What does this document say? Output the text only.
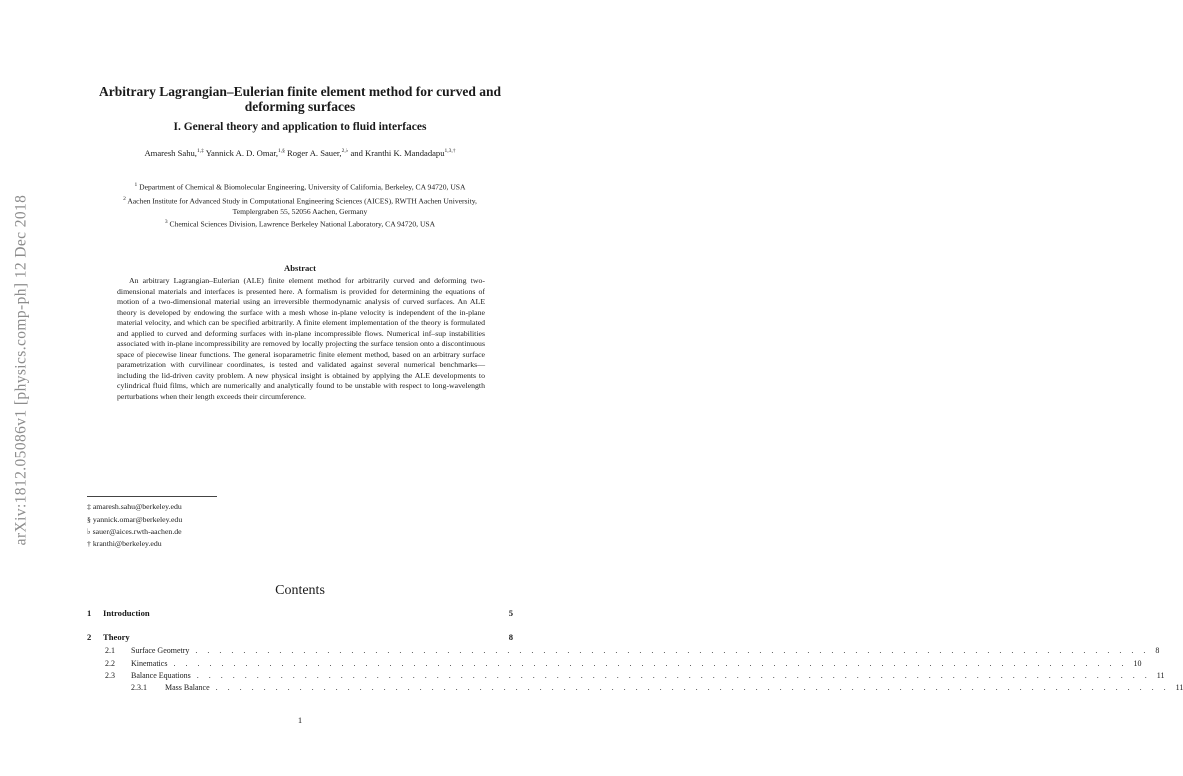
arXiv:1812.05086v1 [physics.comp-ph] 12 Dec 2018
Arbitrary Lagrangian–Eulerian finite element method for curved and deforming surfaces
I. General theory and application to fluid interfaces
Amaresh Sahu,$^{1,\ddagger}$ Yannick A. D. Omar,$^{1,\S}$ Roger A. Sauer,$^{2,♭}$ and Kranthi K. Mandadapu$^{1,3,\dagger}$
$^1$ Department of Chemical & Biomolecular Engineering, University of California, Berkeley, CA 94720, USA
$^2$ Aachen Institute for Advanced Study in Computational Engineering Sciences (AICES), RWTH Aachen University, Templergraben 55, 52056 Aachen, Germany
$^3$ Chemical Sciences Division, Lawrence Berkeley National Laboratory, CA 94720, USA
Abstract
An arbitrary Lagrangian–Eulerian (ALE) finite element method for arbitrarily curved and deforming two-dimensional materials and interfaces is presented here. A formalism is provided for determining the equations of motion of a two-dimensional material using an irreversible thermodynamic analysis of curved surfaces. An ALE theory is developed by endowing the surface with a mesh whose in-plane velocity is independent of the in-plane material velocity, and which can be specified arbitrarily. A finite element implementation of the theory is formulated and applied to curved and deforming surfaces with in-plane incompressible flows. Numerical inf–sup instabilities associated with in-plane incompressibility are removed by locally projecting the surface tension onto a discontinuous space of piecewise linear functions. The general isoparametric finite element method, based on an arbitrary surface parametrization with curvilinear coordinates, is tested and validated against several numerical benchmarks—including the lid-driven cavity problem. A new physical insight is obtained by applying the ALE developments to cylindrical fluid films, which are numerically and analytically found to be unstable with respect to long-wavelength perturbations when their length exceeds their circumference.
‡ amaresh.sahu@berkeley.edu
§ yannick.omar@berkeley.edu
♭ sauer@aices.rwth-aachen.de
† kranthi@berkeley.edu
Contents
1	Introduction	5
2	Theory	8
2.1	Surface Geometry . . . . . . . . . . . . . . . . . . . . . . . . . . . . . . . . . . . . . . . . . . . . . . . . . . . . . . . . . . . . . . . . . . . . . . . . . . . . . . . . 8
2.2	Kinematics . . . . . . . . . . . . . . . . . . . . . . . . . . . . . . . . . . . . . . . . . . . . . . . . . . . . . . . . . . . . . . . . . . . . . . . . . . . . . . . . 10
2.3	Balance Equations . . . . . . . . . . . . . . . . . . . . . . . . . . . . . . . . . . . . . . . . . . . . . . . . . . . . . . . . . . . . . . . . . . . . . . . . . . . . . . . . 11
2.3.1	Mass Balance . . . . . . . . . . . . . . . . . . . . . . . . . . . . . . . . . . . . . . . . . . . . . . . . . . . . . . . . . . . . . . . . . . . . . . . . . . . . . . . . 11
1
